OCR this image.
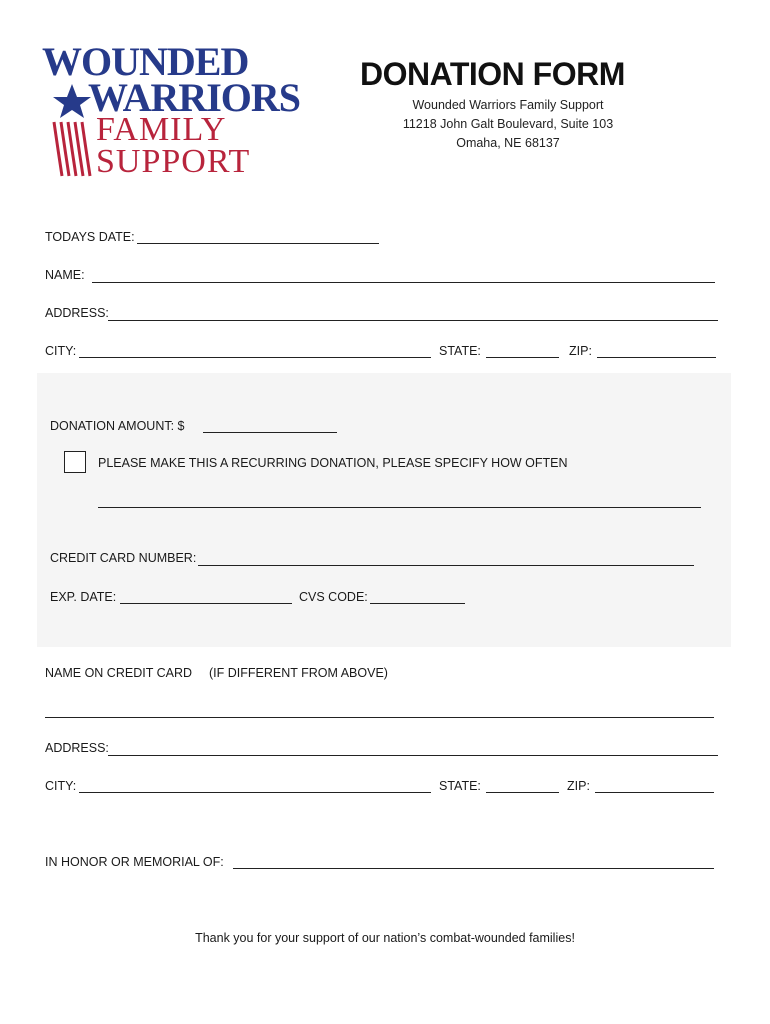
WOUNDED
WARRIORS
FAMILY
SUPPORT
DONATION FORM
Wounded Warriors Family Support
11218 John Galt Boulevard, Suite 103
Omaha, NE 68137
TODAYS DATE:
NAME:
ADDRESS:
CITY:	STATE:	ZIP:
DONATION AMOUNT: $
PLEASE MAKE THIS A RECURRING DONATION, PLEASE SPECIFY HOW OFTEN
CREDIT CARD NUMBER:
EXP. DATE:	CVS CODE:
NAME ON CREDIT CARD (IF DIFFERENT FROM ABOVE)
ADDRESS:
CITY:	STATE:	ZIP:
IN HONOR OR MEMORIAL OF:
Thank you for your support of our nation’s combat-wounded families!
